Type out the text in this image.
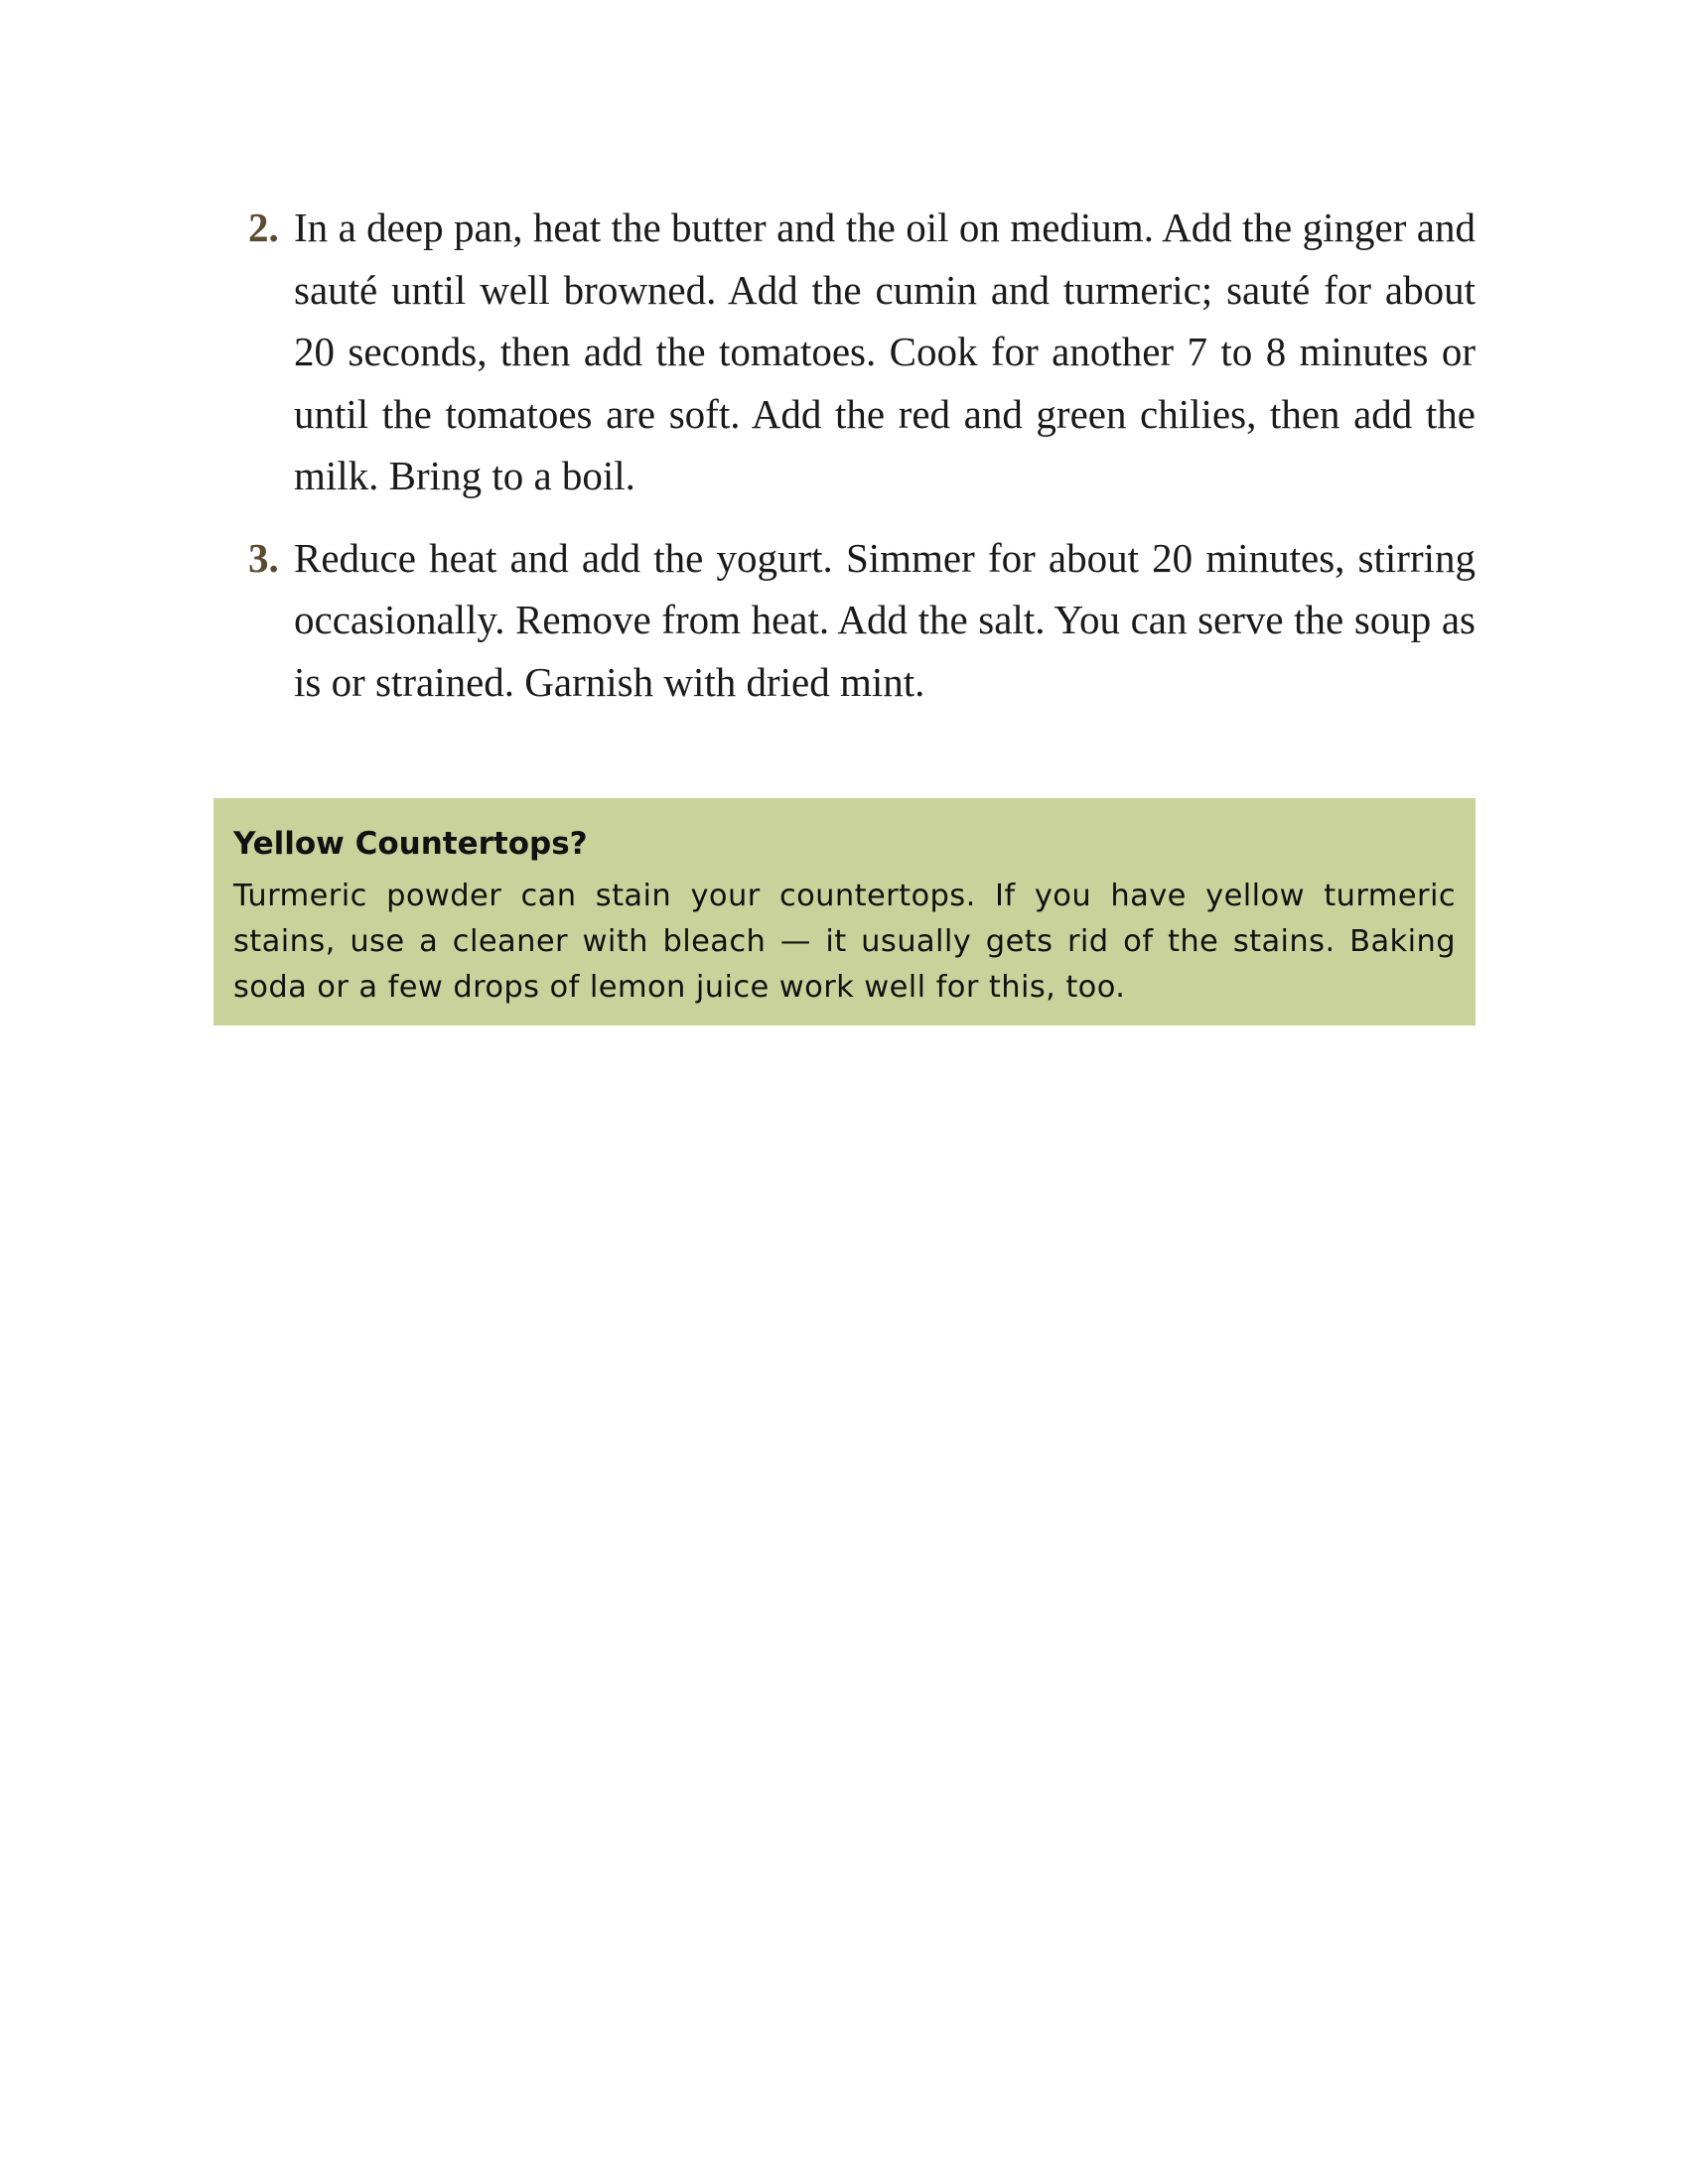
2. In a deep pan, heat the butter and the oil on medium. Add the ginger and sauté until well browned. Add the cumin and turmeric; sauté for about 20 seconds, then add the tomatoes. Cook for another 7 to 8 minutes or until the tomatoes are soft. Add the red and green chilies, then add the milk. Bring to a boil.
3. Reduce heat and add the yogurt. Simmer for about 20 minutes, stirring occasionally. Remove from heat. Add the salt. You can serve the soup as is or strained. Garnish with dried mint.
Yellow Countertops?

Turmeric powder can stain your countertops. If you have yellow turmeric stains, use a cleaner with bleach — it usually gets rid of the stains. Baking soda or a few drops of lemon juice work well for this, too.
